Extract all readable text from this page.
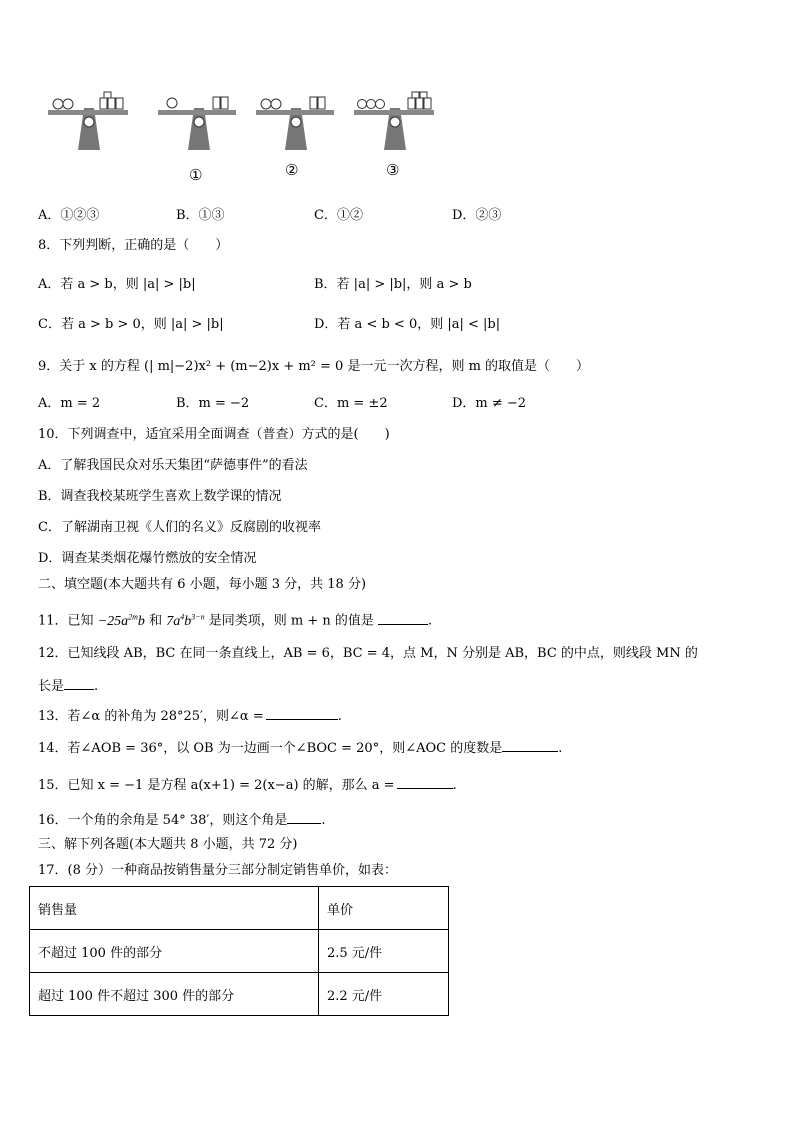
①	②	③
A．①②③	B．①③	C．①②	D．②③
8．下列判断，正确的是（　　）
A．若 a > b，则 |a| > |b|	B．若 |a| > |b|，则 a > b
C．若 a > b > 0，则 |a| > |b|	D．若 a < b < 0，则 |a| < |b|
9．关于 x 的方程 (| m|−2)x² + (m−2)x + m² = 0 是一元一次方程，则 m 的取值是（　　）
A．m = 2	B．m = −2	C．m = ±2	D．m ≠ −2
10．下列调查中，适宜采用全面调查（普查）方式的是(　　)
A．了解我国民众对乐天集团“萨德事件”的看法
B．调查我校某班学生喜欢上数学课的情况
C．了解湖南卫视《人们的名义》反腐剧的收视率
D．调查某类烟花爆竹燃放的安全情况
二、填空题(本大题共有 6 小题，每小题 3 分，共 18 分)
11．已知 $-25a^{2m}b$ 和 $7a^4b^{3-n}$ 是同类项，则 m + n 的值是	.
12．已知线段 AB，BC 在同一条直线上，AB = 6，BC = 4，点 M，N 分别是 AB，BC 的中点，则线段 MN 的
长是 .
13．若∠α 的补角为 28°25′，则∠α =	.
14．若∠AOB = 36°，以 OB 为一边画一个∠BOC = 20°，则∠AOC 的度数是	.
15．已知 x = −1 是方程 a(x+1) = 2(x−a) 的解，那么 a =	.
16．一个角的余角是 54° 38′，则这个角是	.
三、解下列各题(本大题共 8 小题，共 72 分)
17．(8 分）一种商品按销售量分三部分制定销售单价，如表：
销售量	单价
不超过 100 件的部分	2.5 元/件
超过 100 件不超过 300 件的部分	2.2 元/件
